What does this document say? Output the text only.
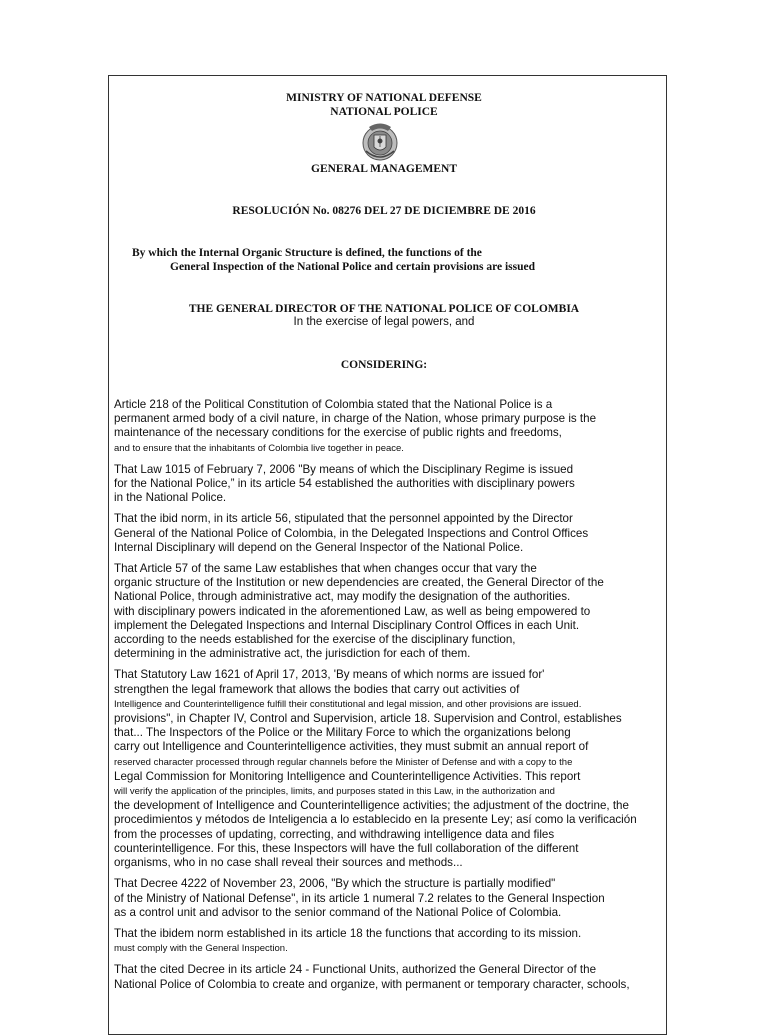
MINISTRY OF NATIONAL DEFENSE
NATIONAL POLICE
GENERAL MANAGEMENT
RESOLUCIÓN No. 08276 DEL 27 DE DICIEMBRE DE 2016
By which the Internal Organic Structure is defined, the functions of the
General Inspection of the National Police and certain provisions are issued
THE GENERAL DIRECTOR OF THE NATIONAL POLICE OF COLOMBIA
In the exercise of legal powers, and
CONSIDERING:

Article 218 of the Political Constitution of Colombia stated that the National Police is a
permanent armed body of a civil nature, in charge of the Nation, whose primary purpose is the
maintenance of the necessary conditions for the exercise of public rights and freedoms,
and to ensure that the inhabitants of Colombia live together in peace.

That Law 1015 of February 7, 2006 "By means of which the Disciplinary Regime is issued
for the National Police,” in its article 54 established the authorities with disciplinary powers
in the National Police.

That the ibid norm, in its article 56, stipulated that the personnel appointed by the Director
General of the National Police of Colombia, in the Delegated Inspections and Control Offices
Internal Disciplinary will depend on the General Inspector of the National Police.

That Article 57 of the same Law establishes that when changes occur that vary the
organic structure of the Institution or new dependencies are created, the General Director of the
National Police, through administrative act, may modify the designation of the authorities.
with disciplinary powers indicated in the aforementioned Law, as well as being empowered to
implement the Delegated Inspections and Internal Disciplinary Control Offices in each Unit.
according to the needs established for the exercise of the disciplinary function,
determining in the administrative act, the jurisdiction for each of them.

That Statutory Law 1621 of April 17, 2013, 'By means of which norms are issued for'
strengthen the legal framework that allows the bodies that carry out activities of
Intelligence and Counterintelligence fulfill their constitutional and legal mission, and other provisions are issued.
provisions", in Chapter IV, Control and Supervision, article 18. Supervision and Control, establishes
that... The Inspectors of the Police or the Military Force to which the organizations belong
carry out Intelligence and Counterintelligence activities, they must submit an annual report of
reserved character processed through regular channels before the Minister of Defense and with a copy to the
Legal Commission for Monitoring Intelligence and Counterintelligence Activities. This report
will verify the application of the principles, limits, and purposes stated in this Law, in the authorization and
the development of Intelligence and Counterintelligence activities; the adjustment of the doctrine, the
procedimientos y métodos de Inteligencia a lo establecido en la presente Ley; así como la verificación
from the processes of updating, correcting, and withdrawing intelligence data and files
counterintelligence. For this, these Inspectors will have the full collaboration of the different
organisms, who in no case shall reveal their sources and methods...

That Decree 4222 of November 23, 2006, "By which the structure is partially modified"
of the Ministry of National Defense", in its article 1 numeral 7.2 relates to the General Inspection
as a control unit and advisor to the senior command of the National Police of Colombia.

That the ibidem norm established in its article 18 the functions that according to its mission.
must comply with the General Inspection.

That the cited Decree in its article 24 - Functional Units, authorized the General Director of the
National Police of Colombia to create and organize, with permanent or temporary character, schools,
